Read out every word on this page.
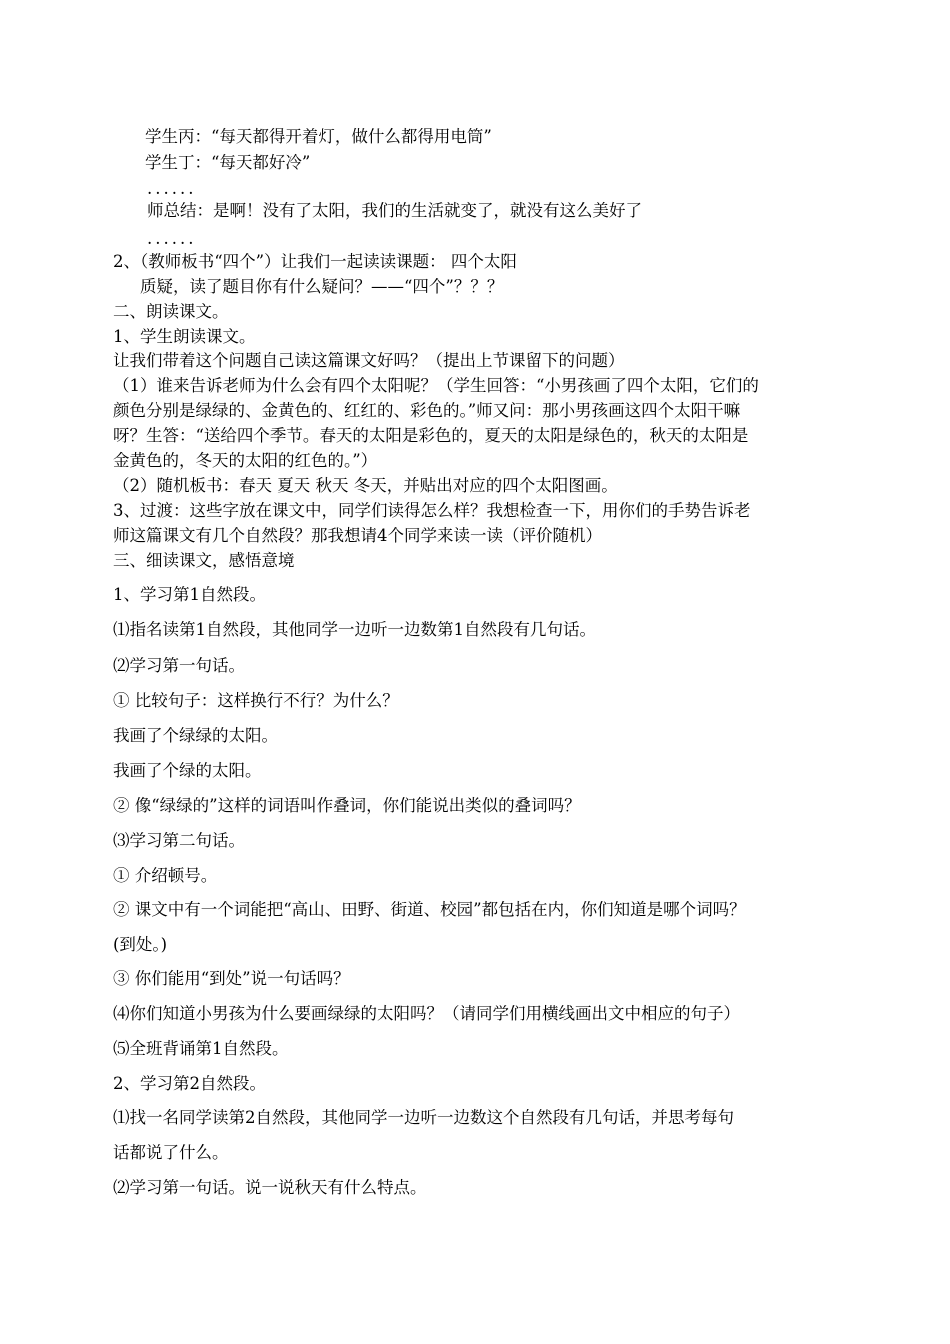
学生丙：“每天都得开着灯，做什么都得用电筒”
学生丁：“每天都好冷”
......
师总结：是啊！没有了太阳，我们的生活就变了，就没有这么美好了
......
2、（教师板书“四个”）让我们一起读读课题： 四个太阳
质疑，读了题目你有什么疑问？——“四个”？？？
二、朗读课文。
1、学生朗读课文。
让我们带着这个问题自己读这篇课文好吗？（提出上节课留下的问题）
（1）谁来告诉老师为什么会有四个太阳呢？（学生回答：“小男孩画了四个太阳，它们的
颜色分别是绿绿的、金黄色的、红红的、彩色的。”师又问：那小男孩画这四个太阳干嘛
呀？生答：“送给四个季节。春天的太阳是彩色的，夏天的太阳是绿色的，秋天的太阳是
金黄色的，冬天的太阳的红色的。”）
（2）随机板书：春天 夏天 秋天 冬天，并贴出对应的四个太阳图画。
3、过渡：这些字放在课文中，同学们读得怎么样？我想检查一下，用你们的手势告诉老
师这篇课文有几个自然段？那我想请4个同学来读一读（评价随机）
三、细读课文，感悟意境
1、学习第1自然段。
⑴指名读第1自然段，其他同学一边听一边数第1自然段有几句话。
⑵学习第一句话。
① 比较句子：这样换行不行？为什么？
我画了个绿绿的太阳。
我画了个绿的太阳。
② 像“绿绿的”这样的词语叫作叠词，你们能说出类似的叠词吗？
⑶学习第二句话。
① 介绍顿号。
② 课文中有一个词能把“高山、田野、街道、校园”都包括在内，你们知道是哪个词吗？
(到处。)
③ 你们能用“到处”说一句话吗？
⑷你们知道小男孩为什么要画绿绿的太阳吗？（请同学们用横线画出文中相应的句子）
⑸全班背诵第1自然段。
2、学习第2自然段。
⑴找一名同学读第2自然段，其他同学一边听一边数这个自然段有几句话，并思考每句
话都说了什么。
⑵学习第一句话。说一说秋天有什么特点。
